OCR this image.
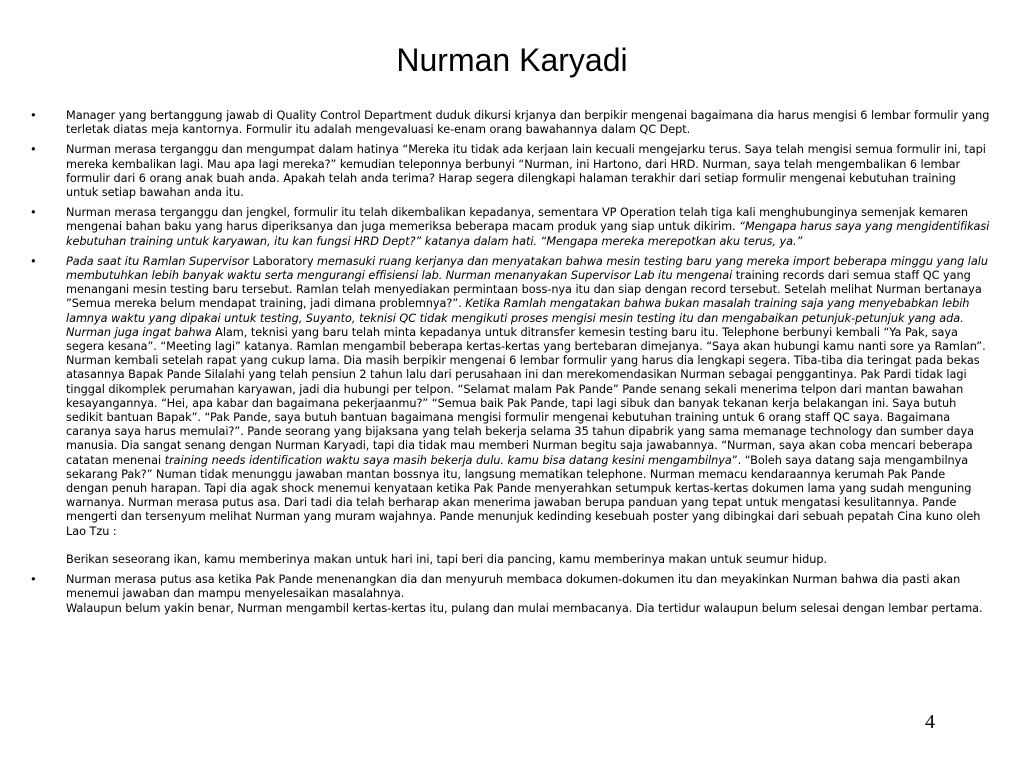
Nurman Karyadi
• Manager yang bertanggung jawab di Quality Control Department duduk dikursi krjanya dan berpikir mengenai bagaimana dia harus mengisi 6 lembar formulir yang terletak diatas meja kantornya. Formulir itu adalah mengevaluasi ke-enam orang bawahannya dalam QC Dept.
• Nurman merasa terganggu dan mengumpat dalam hatinya “Mereka itu tidak ada kerjaan lain kecuali mengejarku terus. Saya telah mengisi semua formulir ini, tapi mereka kembalikan lagi. Mau apa lagi mereka?” kemudian teleponnya berbunyi “Nurman, ini Hartono, dari HRD. Nurman, saya telah mengembalikan 6 lembar formulir dari 6 orang anak buah anda. Apakah telah anda terima? Harap segera dilengkapi halaman terakhir dari setiap formulir mengenai kebutuhan training untuk setiap bawahan anda itu.
• Nurman merasa terganggu dan jengkel, formulir itu telah dikembalikan kepadanya, sementara VP Operation telah tiga kali menghubunginya semenjak kemaren mengenai bahan baku yang harus diperiksanya dan juga memeriksa beberapa macam produk yang siap untuk dikirim. “Mengapa harus saya yang mengidentifikasi kebutuhan training untuk karyawan, itu kan fungsi HRD Dept?” katanya dalam hati. “Mengapa mereka merepotkan aku terus, ya.”
• Pada saat itu Ramlan Supervisor Laboratory memasuki ruang kerjanya dan menyatakan bahwa mesin testing baru yang mereka import beberapa minggu yang lalu membutuhkan lebih banyak waktu serta mengurangi effisiensi lab. Nurman menanyakan Supervisor Lab itu mengenai training records dari semua staff QC yang menangani mesin testing baru tersebut. Ramlan telah menyediakan permintaan boss-nya itu dan siap dengan record tersebut. Setelah melihat Nurman bertanaya ”Semua mereka belum mendapat training, jadi dimana problemnya?”. Ketika Ramlah mengatakan bahwa bukan masalah training saja yang menyebabkan lebih lamnya waktu yang dipakai untuk testing, Suyanto, teknisi QC tidak mengikuti proses mengisi mesin testing itu dan mengabaikan petunjuk-petunjuk yang ada. Nurman juga ingat bahwa Alam, teknisi yang baru telah minta kepadanya untuk ditransfer kemesin testing baru itu. Telephone berbunyi kembali “Ya Pak, saya segera kesana”. “Meeting lagi” katanya. Ramlan mengambil beberapa kertas-kertas yang bertebaran dimejanya. “Saya akan hubungi kamu nanti sore ya Ramlan”. Nurman kembali setelah rapat yang cukup lama. Dia masih berpikir mengenai 6 lembar formulir yang harus dia lengkapi segera. Tiba-tiba dia teringat pada bekas atasannya Bapak Pande Silalahi yang telah pensiun 2 tahun lalu dari perusahaan ini dan merekomendasikan Nurman sebagai penggantinya. Pak Pardi tidak lagi tinggal dikomplek perumahan karyawan, jadi dia hubungi per telpon. “Selamat malam Pak Pande” Pande senang sekali menerima telpon dari mantan bawahan kesayangannya. “Hei, apa kabar dan bagaimana pekerjaanmu?” “Semua baik Pak Pande, tapi lagi sibuk dan banyak tekanan kerja belakangan ini. Saya butuh sedikit bantuan Bapak”. “Pak Pande, saya butuh bantuan bagaimana mengisi formulir mengenai kebutuhan training untuk 6 orang staff QC saya. Bagaimana caranya saya harus memulai?”. Pande seorang yang bijaksana yang telah bekerja selama 35 tahun dipabrik yang sama memanage technology dan sumber daya manusia. Dia sangat senang dengan Nurman Karyadi, tapi dia tidak mau memberi Nurman begitu saja jawabannya. “Nurman, saya akan coba mencari beberapa catatan menenai training needs identification waktu saya masih bekerja dulu. kamu bisa datang kesini mengambilnya”. “Boleh saya datang saja mengambilnya sekarang Pak?” Numan tidak menunggu jawaban mantan bossnya itu, langsung mematikan telephone. Nurman memacu kendaraannya kerumah Pak Pande dengan penuh harapan. Tapi dia agak shock menemui kenyataan ketika Pak Pande menyerahkan setumpuk kertas-kertas dokumen lama yang sudah menguning warnanya. Nurman merasa putus asa. Dari tadi dia telah berharap akan menerima jawaban berupa panduan yang tepat untuk mengatasi kesulitannya. Pande mengerti dan tersenyum melihat Nurman yang muram wajahnya. Pande menunjuk kedinding kesebuah poster yang dibingkai dari sebuah pepatah Cina kuno oleh Lao Tzu :
Berikan seseorang ikan, kamu memberinya makan untuk hari ini, tapi beri dia pancing, kamu memberinya makan untuk seumur hidup.
• Nurman merasa putus asa ketika Pak Pande menenangkan dia dan menyuruh membaca dokumen-dokumen itu dan meyakinkan Nurman bahwa dia pasti akan menemui jawaban dan mampu menyelesaikan masalahnya.
Walaupun belum yakin benar, Nurman mengambil kertas-kertas itu, pulang dan mulai membacanya. Dia tertidur walaupun belum selesai dengan lembar pertama.
4
